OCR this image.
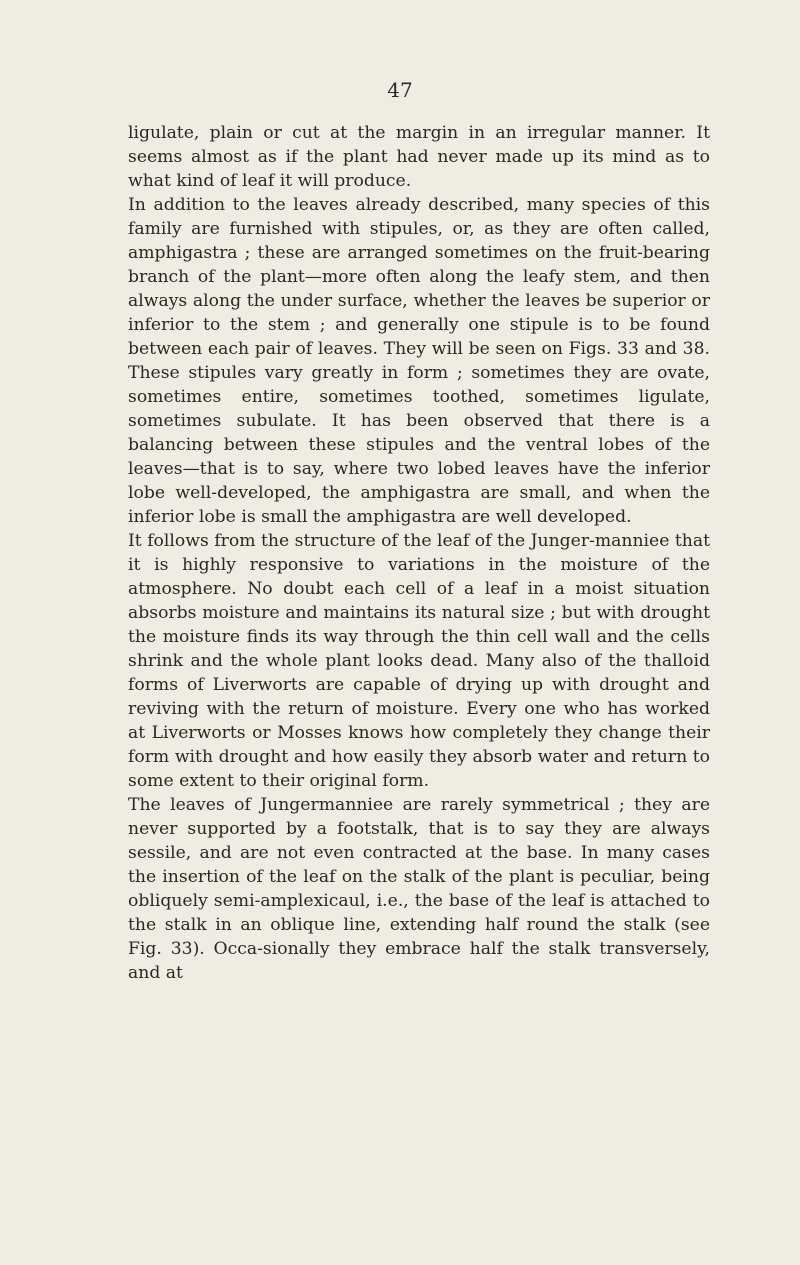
47

ligulate, plain or cut at the margin in an irregular manner. It seems almost as if the plant had never made up its mind as to what kind of leaf it will produce.

In addition to the leaves already described, many species of this family are furnished with stipules, or, as they are often called, amphigastra ; these are arranged sometimes on the fruit-bearing branch of the plant—more often along the leafy stem, and then always along the under surface, whether the leaves be superior or inferior to the stem ; and generally one stipule is to be found between each pair of leaves. They will be seen on Figs. 33 and 38. These stipules vary greatly in form ; sometimes they are ovate, sometimes entire, sometimes toothed, sometimes ligulate, sometimes subulate. It has been observed that there is a balancing between these stipules and the ventral lobes of the leaves—that is to say, where two lobed leaves have the inferior lobe well-developed, the amphigastra are small, and when the inferior lobe is small the amphigastra are well developed.

It follows from the structure of the leaf of the Junger-manniee that it is highly responsive to variations in the moisture of the atmosphere. No doubt each cell of a leaf in a moist situation absorbs moisture and maintains its natural size ; but with drought the moisture finds its way through the thin cell wall and the cells shrink and the whole plant looks dead. Many also of the thalloid forms of Liverworts are capable of drying up with drought and reviving with the return of moisture. Every one who has worked at Liverworts or Mosses knows how completely they change their form with drought and how easily they absorb water and return to some extent to their original form.

The leaves of Jungermanniee are rarely symmetrical ; they are never supported by a footstalk, that is to say they are always sessile, and are not even contracted at the base. In many cases the insertion of the leaf on the stalk of the plant is peculiar, being obliquely semi-amplexicaul, i.e., the base of the leaf is attached to the stalk in an oblique line, extending half round the stalk (see Fig. 33). Occa-sionally they embrace half the stalk transversely, and at
